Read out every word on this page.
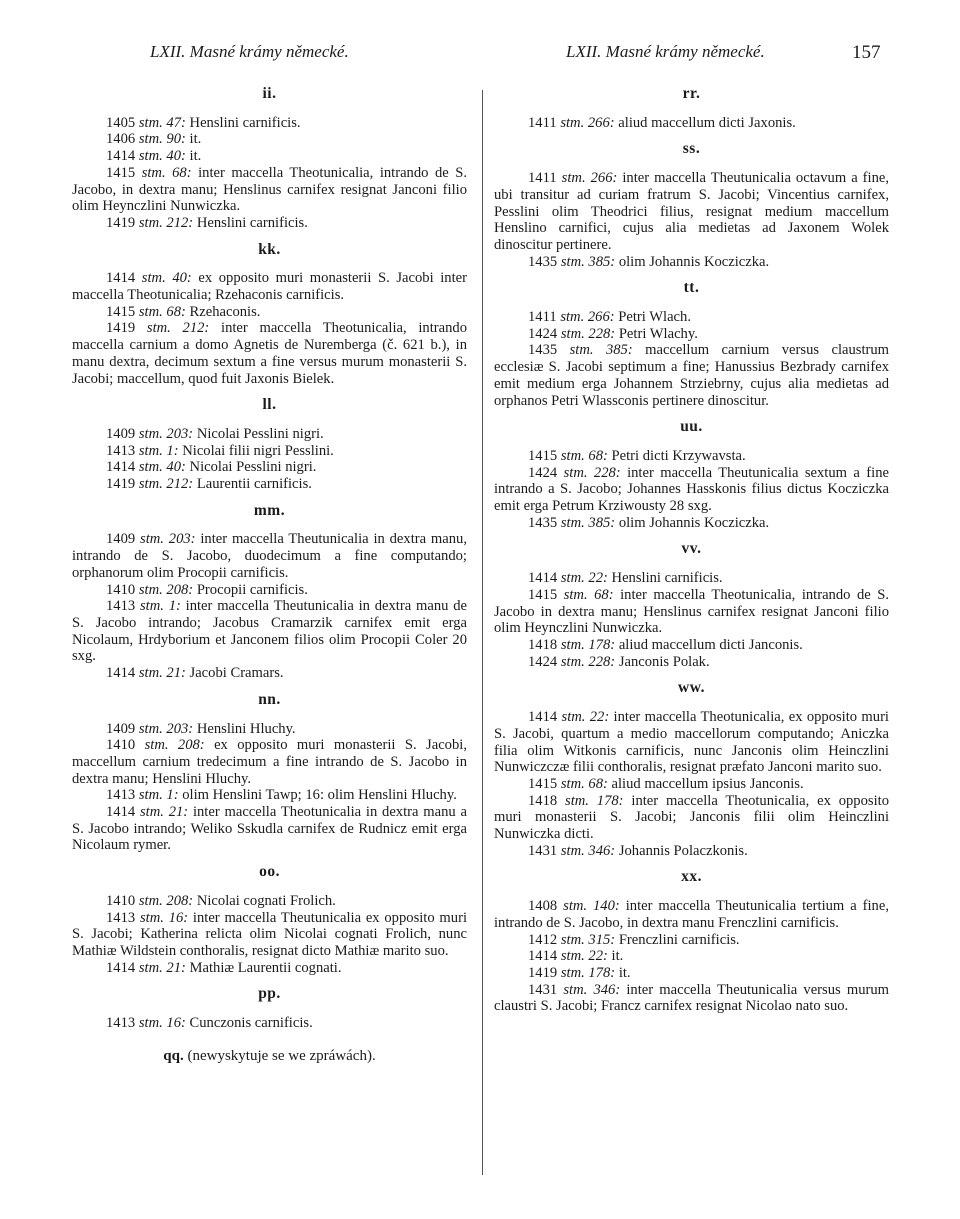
LXII. Masné krámy německé.	LXII. Masné krámy německé.	157
ii.

1405 stm. 47: Henslini carnificis.

1406 stm. 90: it.

1414 stm. 40: it.

1415 stm. 68: inter maccella Theotunicalia, intrando de S. Jacobo, in dextra manu; Henslinus carnifex resignat Janconi filio olim Heynczlini Nunwiczka.

1419 stm. 212: Henslini carnificis.

kk.

1414 stm. 40: ex opposito muri monasterii S. Jacobi inter maccella Theotunicalia; Rzehaconis carnificis.

1415 stm. 68: Rzehaconis.

1419 stm. 212: inter maccella Theotunicalia, intrando maccella carnium a domo Agnetis de Nuremberga (č. 621 b.), in manu dextra, decimum sextum a fine versus murum monasterii S. Jacobi; maccellum, quod fuit Jaxonis Bielek.

ll.

1409 stm. 203: Nicolai Pesslini nigri.

1413 stm. 1: Nicolai filii nigri Pesslini.

1414 stm. 40: Nicolai Pesslini nigri.

1419 stm. 212: Laurentii carnificis.

mm.

1409 stm. 203: inter maccella Theutunicalia in dextra manu, intrando de S. Jacobo, duodecimum a fine computando; orphanorum olim Procopii carnificis.

1410 stm. 208: Procopii carnificis.

1413 stm. 1: inter maccella Theutunicalia in dextra manu de S. Jacobo intrando; Jacobus Cramarzik carnifex emit erga Nicolaum, Hrdyborium et Janconem filios olim Procopii Coler 20 sxg.

1414 stm. 21: Jacobi Cramars.

nn.

1409 stm. 203: Henslini Hluchy.

1410 stm. 208: ex opposito muri monasterii S. Jacobi, maccellum carnium tredecimum a fine intrando de S. Jacobo in dextra manu; Henslini Hluchy.

1413 stm. 1: olim Henslini Tawp; 16: olim Henslini Hluchy.

1414 stm. 21: inter maccella Theotunicalia in dextra manu a S. Jacobo intrando; Weliko Sskudla carnifex de Rudnicz emit erga Nicolaum rymer.

oo.

1410 stm. 208: Nicolai cognati Frolich.

1413 stm. 16: inter maccella Theutunicalia ex opposito muri S. Jacobi; Katherina relicta olim Nicolai cognati Frolich, nunc Mathiæ Wildstein conthoralis, resignat dicto Mathiæ marito suo.

1414 stm. 21: Mathiæ Laurentii cognati.

pp.

1413 stm. 16: Cunczonis carnificis.

qq. (newyskytuje se we zpráwách).
rr.

1411 stm. 266: aliud maccellum dicti Jaxonis.

ss.

1411 stm. 266: inter maccella Theutunicalia octavum a fine, ubi transitur ad curiam fratrum S. Jacobi; Vincentius carnifex, Pesslini olim Theodrici filius, resignat medium maccellum Henslino carnifici, cujus alia medietas ad Jaxonem Wolek dinoscitur pertinere.

1435 stm. 385: olim Johannis Kocziczka.

tt.

1411 stm. 266: Petri Wlach.

1424 stm. 228: Petri Wlachy.

1435 stm. 385: maccellum carnium versus claustrum ecclesiæ S. Jacobi septimum a fine; Hanussius Bezbrady carnifex emit medium erga Johannem Strziebrny, cujus alia medietas ad orphanos Petri Wlassconis pertinere dinoscitur.

uu.

1415 stm. 68: Petri dicti Krzywavsta.

1424 stm. 228: inter maccella Theutunicalia sextum a fine intrando a S. Jacobo; Johannes Hasskonis filius dictus Kocziczka emit erga Petrum Krziwousty 28 sxg.

1435 stm. 385: olim Johannis Kocziczka.

vv.

1414 stm. 22: Henslini carnificis.

1415 stm. 68: inter maccella Theotunicalia, intrando de S. Jacobo in dextra manu; Henslinus carnifex resignat Janconi filio olim Heynczlini Nunwiczka.

1418 stm. 178: aliud maccellum dicti Janconis.

1424 stm. 228: Janconis Polak.

ww.

1414 stm. 22: inter maccella Theotunicalia, ex opposito muri S. Jacobi, quartum a medio maccellorum computando; Aniczka filia olim Witkonis carnificis, nunc Janconis olim Heinczlini Nunwiczczæ filii conthoralis, resignat præfato Janconi marito suo.

1415 stm. 68: aliud maccellum ipsius Janconis.

1418 stm. 178: inter maccella Theotunicalia, ex opposito muri monasterii S. Jacobi; Janconis filii olim Heinczlini Nunwiczka dicti.

1431 stm. 346: Johannis Polaczkonis.

xx.

1408 stm. 140: inter maccella Theutunicalia tertium a fine, intrando de S. Jacobo, in dextra manu Frenczlini carnificis.

1412 stm. 315: Frenczlini carnificis.

1414 stm. 22: it.

1419 stm. 178: it.

1431 stm. 346: inter maccella Theutunicalia versus murum claustri S. Jacobi; Francz carnifex resignat Nicolao nato suo.
